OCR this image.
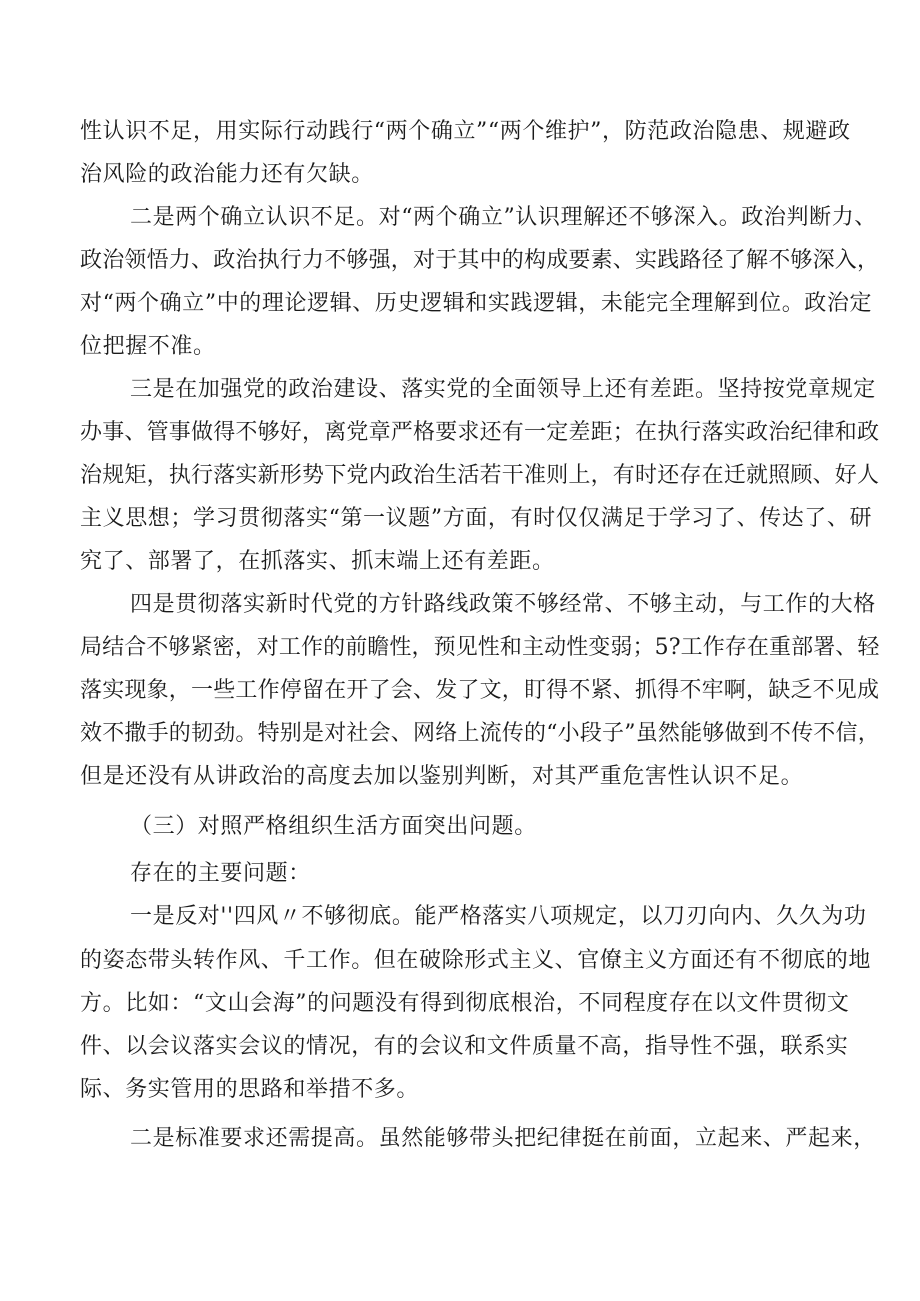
性认识不足，用实际行动践行“两个确立”“两个维护”，防范政治隐患、规避政
治风险的政治能力还有欠缺。
二是两个确立认识不足。对“两个确立”认识理解还不够深入。政治判断力、
政治领悟力、政治执行力不够强，对于其中的构成要素、实践路径了解不够深入，
对“两个确立”中的理论逻辑、历史逻辑和实践逻辑，未能完全理解到位。政治定
位把握不准。
三是在加强党的政治建设、落实党的全面领导上还有差距。坚持按党章规定
办事、管事做得不够好，离党章严格要求还有一定差距；在执行落实政治纪律和政
治规矩，执行落实新形势下党内政治生活若干准则上，有时还存在迁就照顾、好人
主义思想；学习贯彻落实“第一议题”方面，有时仅仅满足于学习了、传达了、研
究了、部署了，在抓落实、抓末端上还有差距。
四是贯彻落实新时代党的方针路线政策不够经常、不够主动，与工作的大格
局结合不够紧密，对工作的前瞻性，预见性和主动性变弱；5?工作存在重部署、轻
落实现象，一些工作停留在开了会、发了文，盯得不紧、抓得不牢啊，缺乏不见成
效不撒手的韧劲。特别是对社会、网络上流传的“小段子”虽然能够做到不传不信，
但是还没有从讲政治的高度去加以鉴别判断，对其严重危害性认识不足。
（三）对照严格组织生活方面突出问题。
存在的主要问题：
一是反对''四风〃不够彻底。能严格落实八项规定，以刀刃向内、久久为功
的姿态带头转作风、千工作。但在破除形式主义、官僚主义方面还有不彻底的地
方。比如：“文山会海”的问题没有得到彻底根治，不同程度存在以文件贯彻文
件、以会议落实会议的情况，有的会议和文件质量不高，指导性不强，联系实
际、务实管用的思路和举措不多。
二是标准要求还需提高。虽然能够带头把纪律挺在前面，立起来、严起来，
